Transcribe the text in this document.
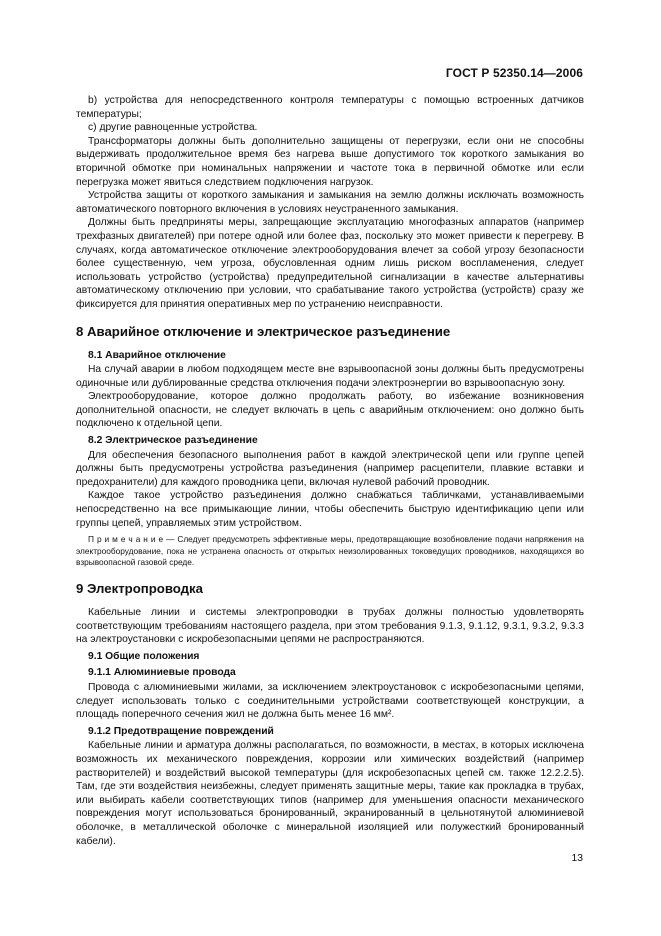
ГОСТ Р 52350.14—2006

b) устройства для непосредственного контроля температуры с помощью встроенных датчиков температуры;

с) другие равноценные устройства.

Трансформаторы должны быть дополнительно защищены от перегрузки, если они не способны выдерживать продолжительное время без нагрева выше допустимого ток короткого замыкания во вторичной обмотке при номинальных напряжении и частоте тока в первичной обмотке или если перегрузка может явиться следствием подключения нагрузок.

Устройства защиты от короткого замыкания и замыкания на землю должны исключать возможность автоматического повторного включения в условиях неустраненного замыкания.

Должны быть предприняты меры, запрещающие эксплуатацию многофазных аппаратов (например трехфазных двигателей) при потере одной или более фаз, поскольку это может привести к перегреву. В случаях, когда автоматическое отключение электрооборудования влечет за собой угрозу безопасности более существенную, чем угроза, обусловленная одним лишь риском воспламенения, следует использовать устройство (устройства) предупредительной сигнализации в качестве альтернативы автоматическому отключению при условии, что срабатывание такого устройства (устройств) сразу же фиксируется для принятия оперативных мер по устранению неисправности.

8 Аварийное отключение и электрическое разъединение
8.1 Аварийное отключение

На случай аварии в любом подходящем месте вне взрывоопасной зоны должны быть предусмотрены одиночные или дублированные средства отключения подачи электроэнергии во взрывоопасную зону.

Электрооборудование, которое должно продолжать работу, во избежание возникновения дополнительной опасности, не следует включать в цепь с аварийным отключением: оно должно быть подключено к отдельной цепи.

8.2 Электрическое разъединение

Для обеспечения безопасного выполнения работ в каждой электрической цепи или группе цепей должны быть предусмотрены устройства разъединения (например расцепители, плавкие вставки и предохранители) для каждого проводника цепи, включая нулевой рабочий проводник.

Каждое такое устройство разъединения должно снабжаться табличками, устанавливаемыми непосредственно на все примыкающие линии, чтобы обеспечить быструю идентификацию цепи или группы цепей, управляемых этим устройством.

П р и м е ч а н и е — Следует предусмотреть эффективные меры, предотвращающие возобновление подачи напряжения на электрооборудование, пока не устранена опасность от открытых неизолированных токоведущих проводников, находящихся во взрывоопасной газовой среде.

9 Электропроводка

Кабельные линии и системы электропроводки в трубах должны полностью удовлетворять соответствующим требованиям настоящего раздела, при этом требования 9.1.3, 9.1.12, 9.3.1, 9.3.2, 9.3.3 на электроустановки с искробезопасными цепями не распространяются.

9.1 Общие положения
9.1.1 Алюминиевые провода

Провода с алюминиевыми жилами, за исключением электроустановок с искробезопасными цепями, следует использовать только с соединительными устройствами соответствующей конструкции, а площадь поперечного сечения жил не должна быть менее 16 мм².

9.1.2 Предотвращение повреждений

Кабельные линии и арматура должны располагаться, по возможности, в местах, в которых исключена возможность их механического повреждения, коррозии или химических воздействий (например растворителей) и воздействий высокой температуры (для искробезопасных цепей см. также 12.2.2.5). Там, где эти воздействия неизбежны, следует применять защитные меры, такие как прокладка в трубах, или выбирать кабели соответствующих типов (например для уменьшения опасности механического повреждения могут использоваться бронированный, экранированный в цельнотянутой алюминиевой оболочке, в металлической оболочке с минеральной изоляцией или полужесткий бронированный кабели).

13
